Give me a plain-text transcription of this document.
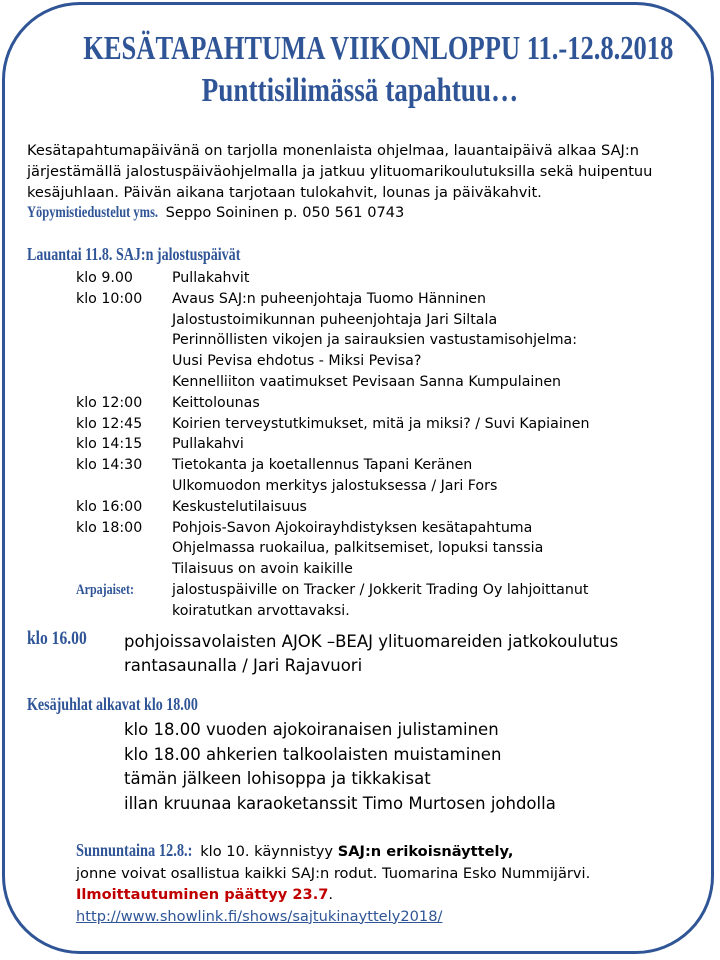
KESÄTAPAHTUMA VIIKONLOPPU 11.-12.8.2018
Punttisilimässä tapahtuu…
Kesätapahtumapäivänä on tarjolla monenlaista ohjelmaa, lauantaipäivä alkaa SAJ:n
järjestämällä jalostuspäiväohjelmalla ja jatkuu ylituomarikoulutuksilla sekä huipentuu
kesäjuhlaan. Päivän aikana tarjotaan tulokahvit, lounas ja päiväkahvit.
Yöpymistiedustelut yms. Seppo Soininen p. 050 561 0743
Lauantai 11.8. SAJ:n jalostuspäivät
klo 9.00	Pullakahvit
klo 10:00 Avaus SAJ:n puheenjohtaja Tuomo Hänninen
Jalostustoimikunnan puheenjohtaja Jari Siltala
Perinnöllisten vikojen ja sairauksien vastustamisohjelma:
Uusi Pevisa ehdotus - Miksi Pevisa?
Kennelliiton vaatimukset Pevisaan Sanna Kumpulainen
klo 12:00 Keittolounas
klo 12:45 Koirien terveystutkimukset, mitä ja miksi? / Suvi Kapiainen
klo 14:15 Pullakahvi
klo 14:30 Tietokanta ja koetallennus Tapani Keränen
Ulkomuodon merkitys jalostuksessa / Jari Fors
klo 16:00 Keskustelutilaisuus
klo 18:00 Pohjois-Savon Ajokoirayhdistyksen kesätapahtuma
Ohjelmassa ruokailua, palkitsemiset, lopuksi tanssia
Tilaisuus on avoin kaikille
Arpajaiset:	jalostuspäiville on Tracker / Jokkerit Trading Oy lahjoittanut
koiratutkan arvottavaksi.
klo 16.00	pohjoissavolaisten AJOK –BEAJ ylituomareiden jatkokoulutus
rantasaunalla / Jari Rajavuori
Kesäjuhlat alkavat klo 18.00
klo 18.00 vuoden ajokoiranaisen julistaminen
klo 18.00 ahkerien talkoolaisten muistaminen
tämän jälkeen lohisoppa ja tikkakisat
illan kruunaa karaoketanssit Timo Murtosen johdolla
Sunnuntaina 12.8.: klo 10. käynnistyy SAJ:n erikoisnäyttely,
jonne voivat osallistua kaikki SAJ:n rodut. Tuomarina Esko Nummijärvi.
Ilmoittautuminen päättyy 23.7.
http://www.showlink.fi/shows/sajtukinayttely2018/
